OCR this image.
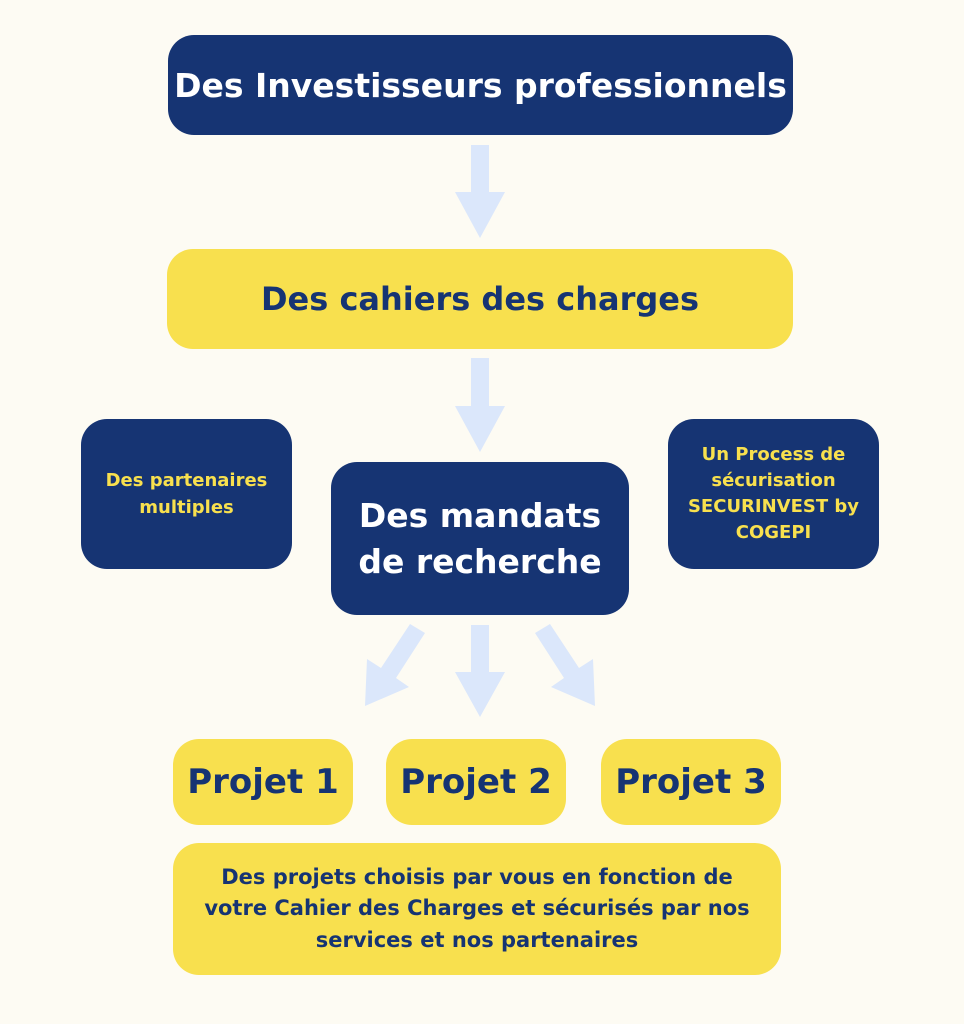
Des Investisseurs professionnels
Des cahiers des charges
Des partenaires multiples	Des mandats de recherche
Un Process de sécurisation SECURINVEST by COGEPI
Projet 1 Projet 2 Projet 3
Des projets choisis par vous en fonction de votre Cahier des Charges et sécurisés par nos services et nos partenaires
